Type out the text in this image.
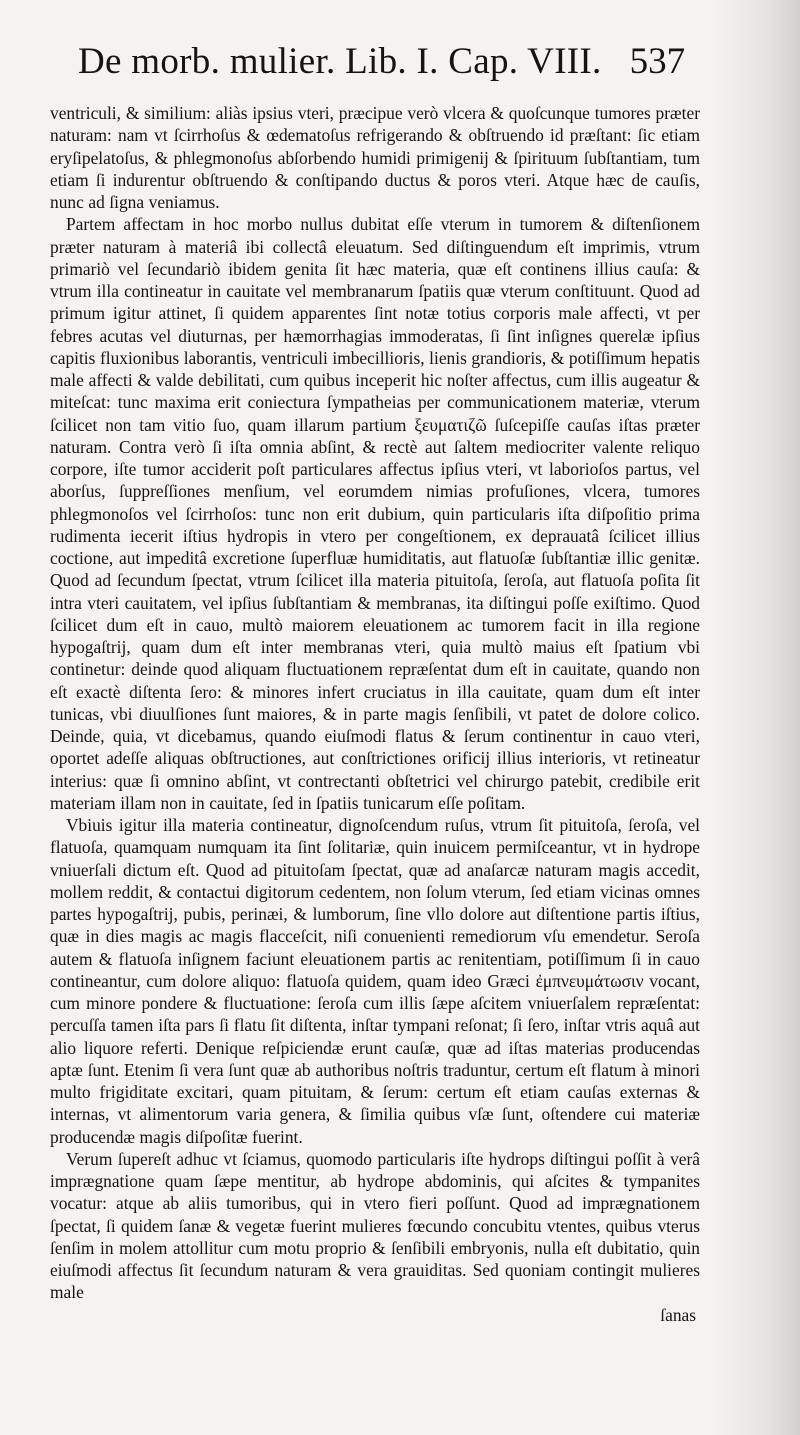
De morb. mulier. Lib. I. Cap. VIII. 537

ventriculi, & similium: aliàs ipsius vteri, præcipue verò vlcera & quoſcunque tumores præter naturam: nam vt ſcirrhoſus & œdematoſus refrigerando & obſtruendo id præſtant: ſic etiam eryſipelatoſus, & phlegmonoſus abſorbendo humidi primigenij & ſpirituum ſubſtantiam, tum etiam ſi indurentur obſtruendo & conſtipando ductus & poros vteri. Atque hæc de cauſis, nunc ad ſigna veniamus.

Partem affectam in hoc morbo nullus dubitat eſſe vterum in tumorem & diſtenſionem præter naturam à materiâ ibi collectâ eleuatum. Sed diſtinguendum eſt imprimis, vtrum primariò vel ſecundariò ibidem genita ſit hæc materia, quæ eſt continens illius cauſa: & vtrum illa contineatur in cauitate vel membranarum ſpatiis quæ vterum conſtituunt. Quod ad primum igitur attinet, ſi quidem apparentes ſint notæ totius corporis male affecti, vt per febres acutas vel diuturnas, per hæmorrhagias immoderatas, ſi ſint inſignes querelæ ipſius capitis fluxionibus laborantis, ventriculi imbecillioris, lienis grandioris, & potiſſimum hepatis male affecti & valde debilitati, cum quibus inceperit hic noſter affectus, cum illis augeatur & miteſcat: tunc maxima erit coniectura ſympatheias per communicationem materiæ, vterum ſcilicet non tam vitio ſuo, quam illarum partium ξευματιζῶ ſuſcepiſſe cauſas iſtas præter naturam. Contra verò ſi iſta omnia abſint, & rectè aut ſaltem mediocriter valente reliquo corpore, iſte tumor acciderit poſt particulares affectus ipſius vteri, vt laborioſos partus, vel aborſus, ſuppreſſiones menſium, vel eorumdem nimias profuſiones, vlcera, tumores phlegmonoſos vel ſcirrhoſos: tunc non erit dubium, quin particularis iſta diſpoſitio prima rudimenta iecerit iſtius hydropis in vtero per congeſtionem, ex deprauatâ ſcilicet illius coctione, aut impeditâ excretione ſuperfluæ humiditatis, aut flatuoſæ ſubſtantiæ illic genitæ. Quod ad ſecundum ſpectat, vtrum ſcilicet illa materia pituitoſa, ſeroſa, aut flatuoſa poſita ſit intra vteri cauitatem, vel ipſius ſubſtantiam & membranas, ita diſtingui poſſe exiſtimo. Quod ſcilicet dum eſt in cauo, multò maiorem eleuationem ac tumorem facit in illa regione hypogaſtrij, quam dum eſt inter membranas vteri, quia multò maius eſt ſpatium vbi continetur: deinde quod aliquam fluctuationem repræſentat dum eſt in cauitate, quando non eſt exactè diſtenta ſero: & minores infert cruciatus in illa cauitate, quam dum eſt inter tunicas, vbi diuulſiones ſunt maiores, & in parte magis ſenſibili, vt patet de dolore colico. Deinde, quia, vt dicebamus, quando eiuſmodi flatus & ſerum continentur in cauo vteri, oportet adeſſe aliquas obſtructiones, aut conſtrictiones orificij illius interioris, vt retineatur interius: quæ ſi omnino abſint, vt contrectanti obſtetrici vel chirurgo patebit, credibile erit materiam illam non in cauitate, ſed in ſpatiis tunicarum eſſe poſitam.

Vbiuis igitur illa materia contineatur, dignoſcendum ruſus, vtrum ſit pituitoſa, ſeroſa, vel flatuoſa, quamquam numquam ita ſint ſolitariæ, quin inuicem permiſceantur, vt in hydrope vniuerſali dictum eſt. Quod ad pituitoſam ſpectat, quæ ad anaſarcæ naturam magis accedit, mollem reddit, & contactui digitorum cedentem, non ſolum vterum, ſed etiam vicinas omnes partes hypogaſtrij, pubis, perinæi, & lumborum, ſine vllo dolore aut diſtentione partis iſtius, quæ in dies magis ac magis flacceſcit, niſi conuenienti remediorum vſu emendetur. Seroſa autem & flatuoſa inſignem faciunt eleuationem partis ac renitentiam, potiſſimum ſi in cauo contineantur, cum dolore aliquo: flatuoſa quidem, quam ideo Græci ἐμπνευμάτωσιν vocant, cum minore pondere & fluctuatione: ſeroſa cum illis ſæpe aſcitem vniuerſalem repræſentat: percuſſa tamen iſta pars ſi flatu ſit diſtenta, inſtar tympani reſonat; ſi ſero, inſtar vtris aquâ aut alio liquore referti. Denique reſpiciendæ erunt cauſæ, quæ ad iſtas materias producendas aptæ ſunt. Etenim ſi vera ſunt quæ ab authoribus noſtris traduntur, certum eſt flatum à minori multo frigiditate excitari, quam pituitam, & ſerum: certum eſt etiam cauſas externas & internas, vt alimentorum varia genera, & ſimilia quibus vſæ ſunt, oſtendere cui materiæ producendæ magis diſpoſitæ fuerint.

Verum ſupereſt adhuc vt ſciamus, quomodo particularis iſte hydrops diſtingui poſſit à verâ imprægnatione quam ſæpe mentitur, ab hydrope abdominis, qui aſcites & tympanites vocatur: atque ab aliis tumoribus, qui in vtero fieri poſſunt. Quod ad imprægnationem ſpectat, ſi quidem ſanæ & vegetæ fuerint mulieres fœcundo concubitu vtentes, quibus vterus ſenſim in molem attollitur cum motu proprio & ſenſibili embryonis, nulla eſt dubitatio, quin eiuſmodi affectus ſit ſecundum naturam & vera grauiditas. Sed quoniam contingit mulieres male

ſanas
